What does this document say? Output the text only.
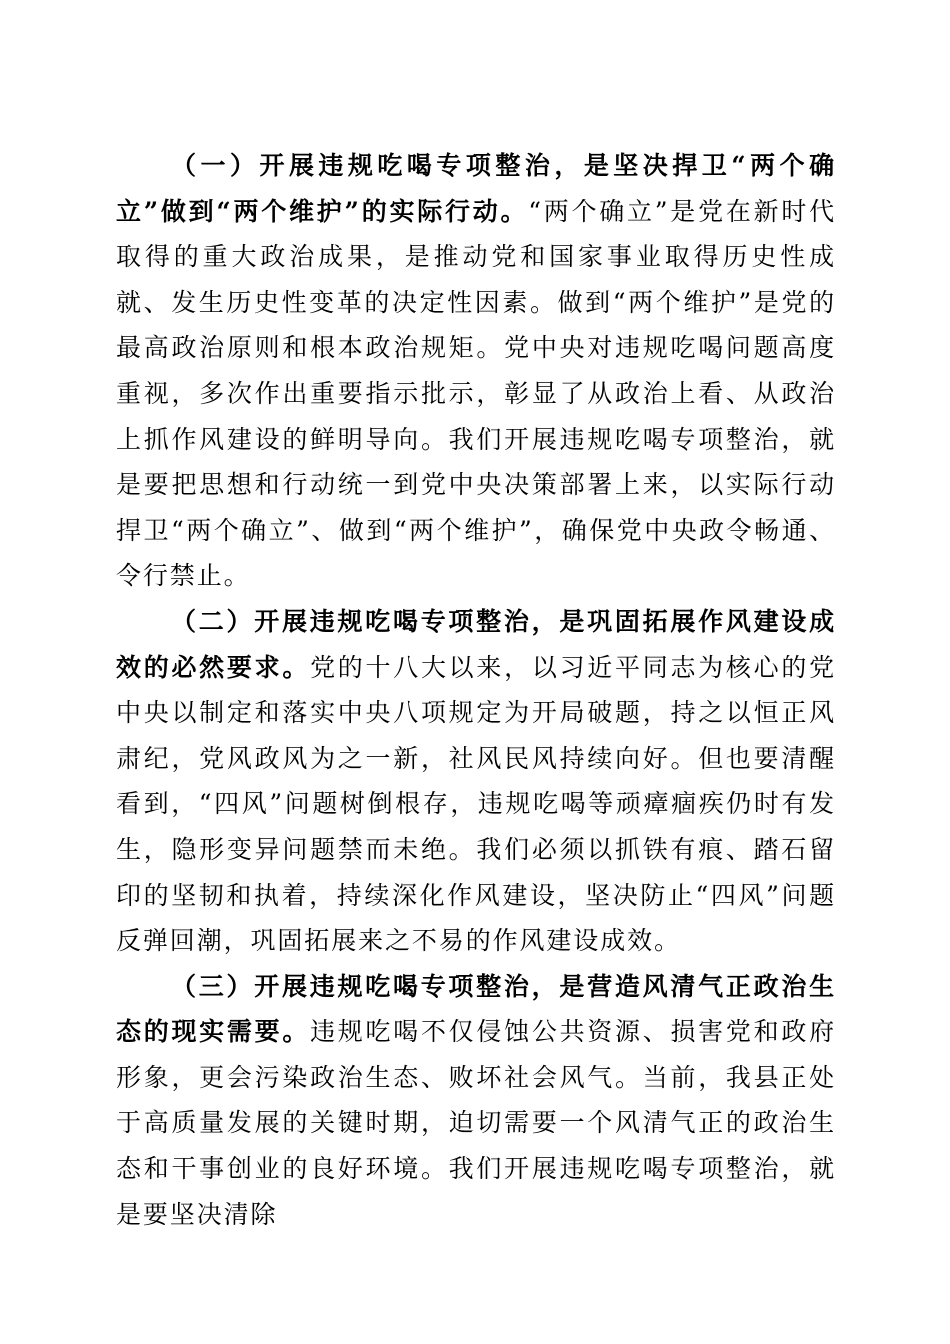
（一）开展违规吃喝专项整治，是坚决捍卫“两个确立”做到“两个维护”的实际行动。“两个确立”是党在新时代取得的重大政治成果，是推动党和国家事业取得历史性成就、发生历史性变革的决定性因素。做到“两个维护”是党的最高政治原则和根本政治规矩。党中央对违规吃喝问题高度重视，多次作出重要指示批示，彰显了从政治上看、从政治上抓作风建设的鲜明导向。我们开展违规吃喝专项整治，就是要把思想和行动统一到党中央决策部署上来，以实际行动捍卫“两个确立”、做到“两个维护”，确保党中央政令畅通、令行禁止。

（二）开展违规吃喝专项整治，是巩固拓展作风建设成效的必然要求。党的十八大以来，以习近平同志为核心的党中央以制定和落实中央八项规定为开局破题，持之以恒正风肃纪，党风政风为之一新，社风民风持续向好。但也要清醒看到，“四风”问题树倒根存，违规吃喝等顽瘴痼疾仍时有发生，隐形变异问题禁而未绝。我们必须以抓铁有痕、踏石留印的坚韧和执着，持续深化作风建设，坚决防止“四风”问题反弹回潮，巩固拓展来之不易的作风建设成效。

（三）开展违规吃喝专项整治，是营造风清气正政治生态的现实需要。违规吃喝不仅侵蚀公共资源、损害党和政府形象，更会污染政治生态、败坏社会风气。当前，我县正处于高质量发展的关键时期，迫切需要一个风清气正的政治生态和干事创业的良好环境。我们开展违规吃喝专项整治，就是要坚决清除
